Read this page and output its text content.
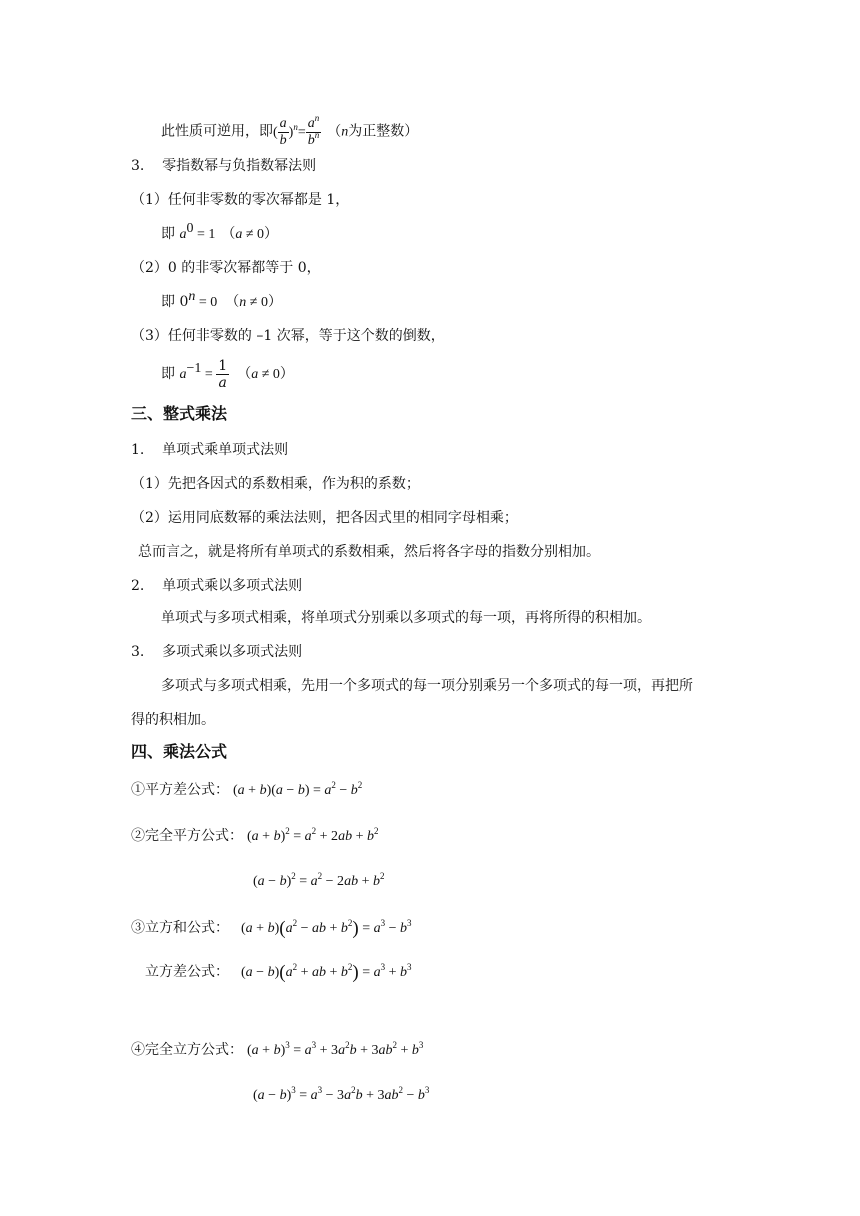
此性质可逆用，即( $\frac{a}{b} )^n= \frac{a^n}{b^n} (n$为正整数）
3.    零指数幂与负指数幂法则
（1）任何非零数的零次幂都是 1，
即 $a^0 = 1$ （a ≠ 0）
（2）0 的非零次幂都等于 0，
即 $0^n = 0$ （n ≠ 0）
（3）任何非零数的 –1 次幂，等于这个数的倒数，
即 $a^{-1} = \frac{1}{a} (a \ne 0)$
三、整式乘法
1.    单项式乘单项式法则
（1）先把各因式的系数相乘，作为积的系数；
（2）运用同底数幂的乘法法则，把各因式里的相同字母相乘；
总而言之，就是将所有单项式的系数相乘，然后将各字母的指数分别相加。
2.    单项式乘以多项式法则
单项式与多项式相乘，将单项式分别乘以多项式的每一项，再将所得的积相加。
3.    多项式乘以多项式法则
多项式与多项式相乘，先用一个多项式的每一项分别乘另一个多项式的每一项，再把所
得的积相加。
四、乘法公式
①平方差公式： $(a + b)(a - b) = a^2 - b^2$
②完全平方公式： $(a + b)^2 = a^2 + 2ab + b^2$
$(a - b)^2 = a^2 - 2ab + b^2$
③立方和公式： $(a + b)(a^2$ − ab + $b^2) = a^3 - b^3$
立方差公式： $(a - b)(a^2$ + ab + $b^2) = a^3 + b^3$
④完全立方公式： $(a + b)^3 = a^3 + 3a^2b + 3ab^2 + b^3$
$(a - b)^3 = a^3 - 3a^2b + 3ab^2 - b^3$
